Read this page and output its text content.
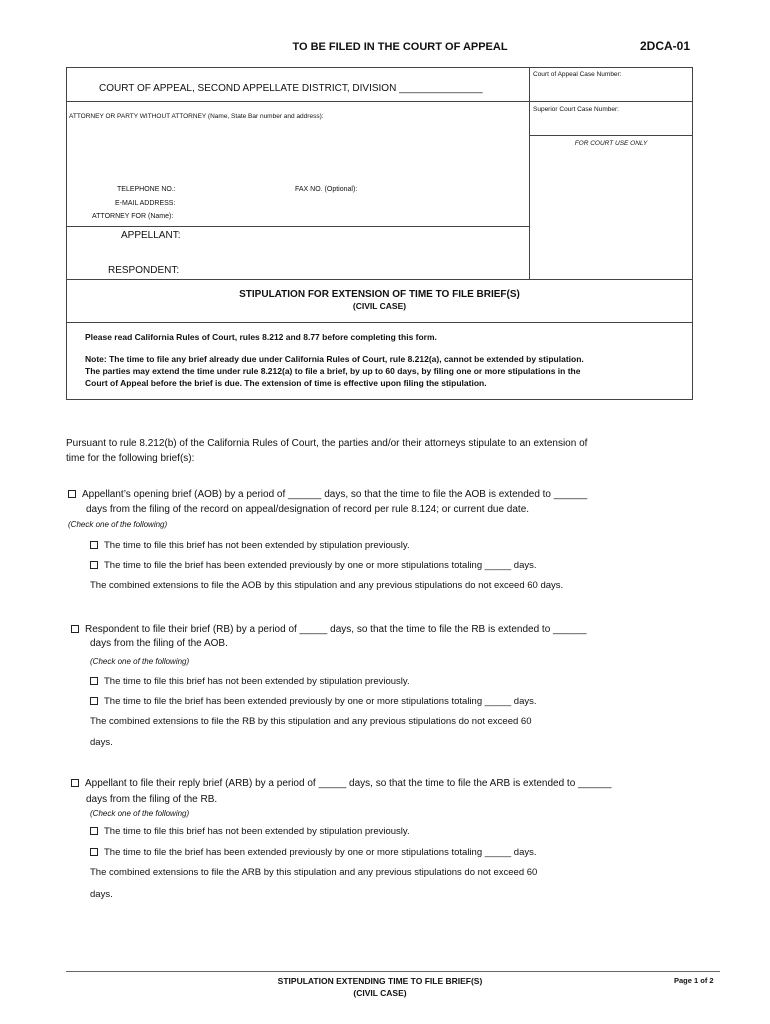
TO BE FILED IN THE COURT OF APPEAL	2DCA-01
COURT OF APPEAL, SECOND APPELLATE DISTRICT, DIVISION _______________
ATTORNEY OR PARTY WITHOUT ATTORNEY (Name, State Bar number and address):
TELEPHONE NO.:	FAX NO. (Optional):
E-MAIL ADDRESS:
ATTORNEY FOR (Name):
APPELLANT:
RESPONDENT:
Court of Appeal Case Number:
Superior Court Case Number:
FOR COURT USE ONLY
STIPULATION FOR EXTENSION OF TIME TO FILE BRIEF(S)
(CIVIL CASE)
Please read California Rules of Court, rules 8.212 and 8.77 before completing this form.
Note: The time to file any brief already due under California Rules of Court, rule 8.212(a), cannot be extended by stipulation.
The parties may extend the time under rule 8.212(a) to file a brief, by up to 60 days, by filing one or more stipulations in the
Court of Appeal before the brief is due. The extension of time is effective upon filing the stipulation.
Pursuant to rule 8.212(b) of the California Rules of Court, the parties and/or their attorneys stipulate to an extension of
time for the following brief(s):
Appellant’s opening brief (AOB) by a period of ______ days, so that the time to file the AOB is extended to ______
days from the filing of the record on appeal/designation of record per rule 8.124; or current due date.
(Check one of the following)
The time to file this brief has not been extended by stipulation previously.
The time to file the brief has been extended previously by one or more stipulations totaling _____ days.
The combined extensions to file the AOB by this stipulation and any previous stipulations do not exceed 60 days.
Respondent to file their brief (RB) by a period of _____ days, so that the time to file the RB is extended to ______
days from the filing of the AOB.
(Check one of the following)
The time to file this brief has not been extended by stipulation previously.
The time to file the brief has been extended previously by one or more stipulations totaling _____ days.
The combined extensions to file the RB by this stipulation and any previous stipulations do not exceed 60
days.
Appellant to file their reply brief (ARB) by a period of _____ days, so that the time to file the ARB is extended to ______
days from the filing of the RB.
(Check one of the following)
The time to file this brief has not been extended by stipulation previously.
The time to file the brief has been extended previously by one or more stipulations totaling _____ days.
The combined extensions to file the ARB by this stipulation and any previous stipulations do not exceed 60
days.
STIPULATION EXTENDING TIME TO FILE BRIEF(S)
(CIVIL CASE)
Page 1 of 2
